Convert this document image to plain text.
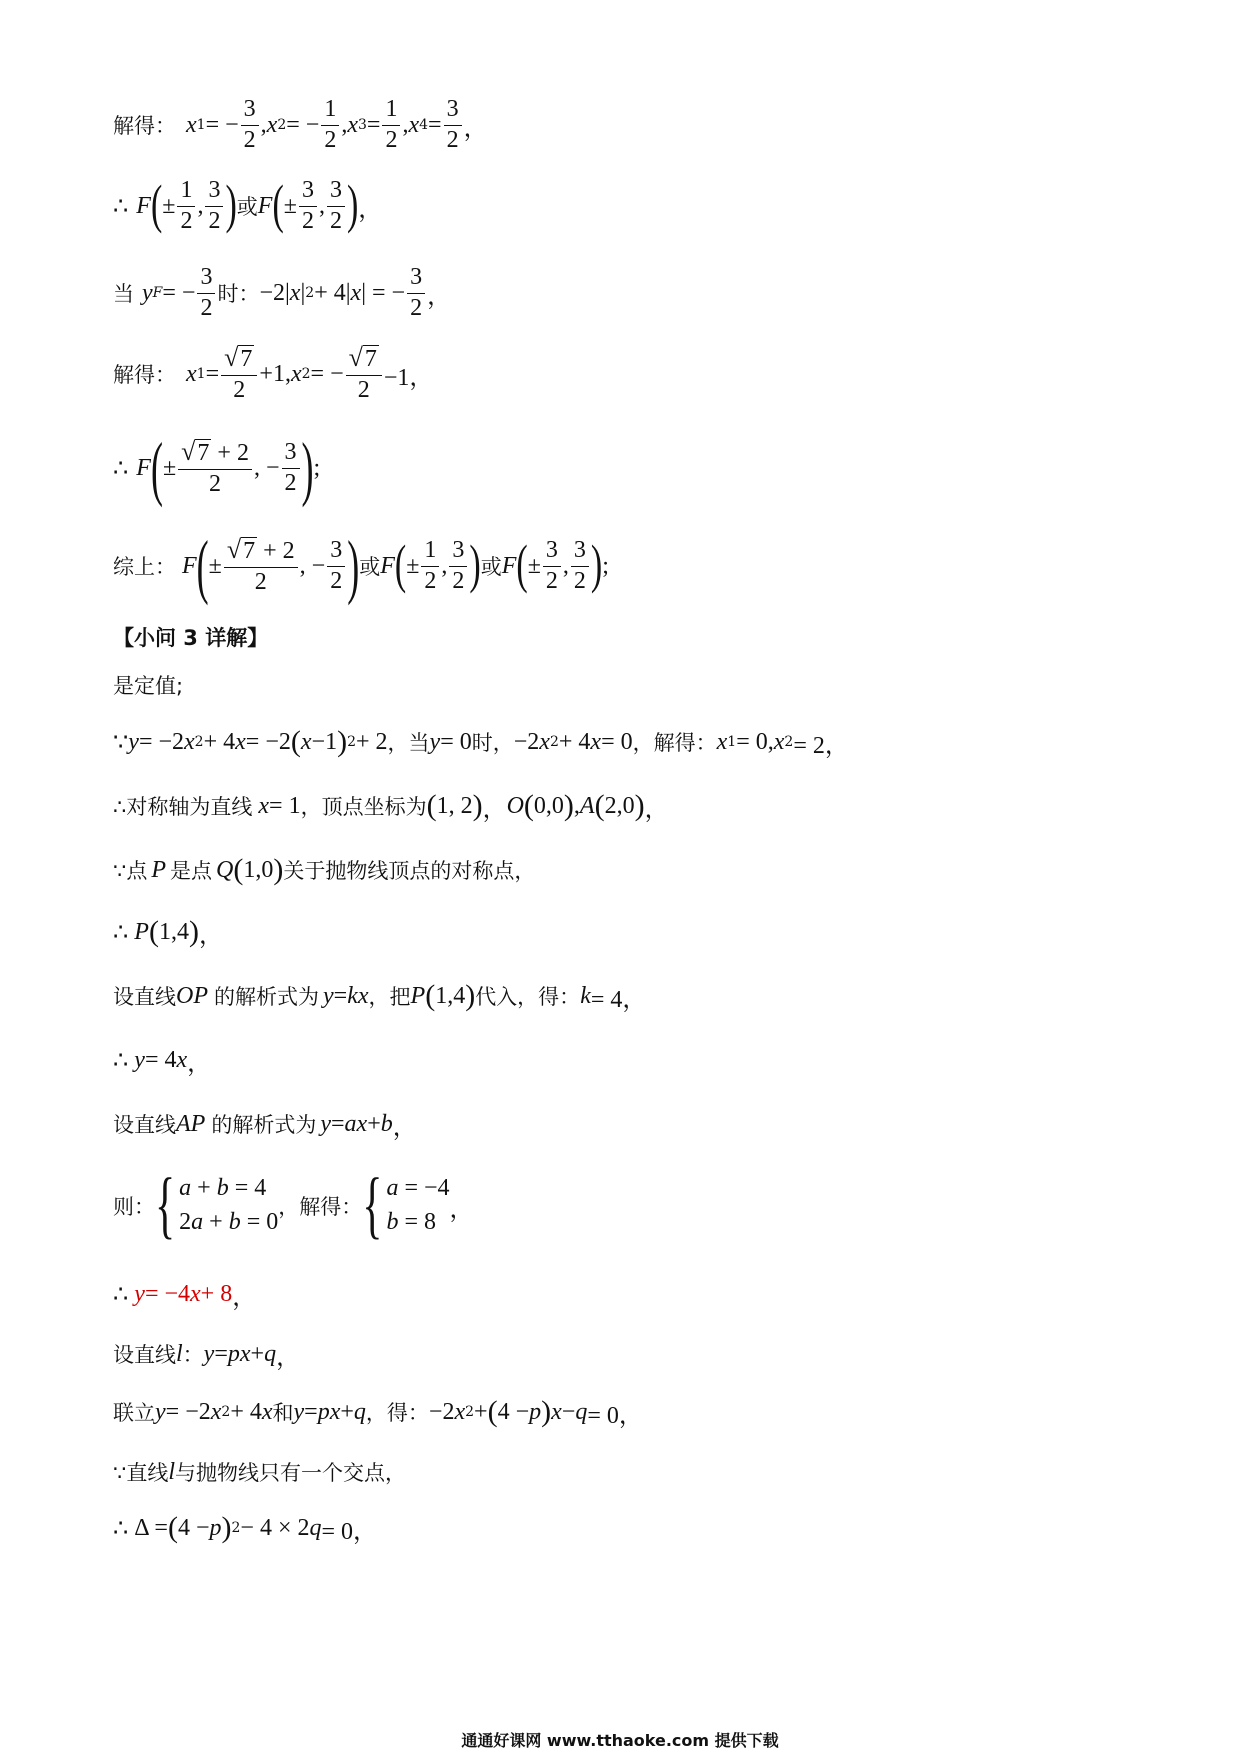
解得： x 1 = − $\frac{3}{2}$ , x 2 = − $\frac{1}{2}$ , x $3 = \frac{1}{2}$ , x $4 = \frac{3}{2}$ ，
∴ F ( ± $\frac{1}{2}$ , $\frac{3}{2}$ ) 或 F ( ± $\frac{3}{2}$ , $\frac{3}{2}$ ) ，
当 y F = − $\frac{3}{2}$ 时： −2| x | 2 + 4| x | = − $\frac{3}{2}$ ，
解得： x $1 = \frac{√ 7}{2} +1$, x 2 = − $\frac{√ 7}{2} -1$，
∴ F ( ± $\frac{√ 7 + 2}{2}$ , − $\frac{3}{2}$ ) ;
综上： F ( ± $\frac{√ 7 + 2}{2}$ , − $\frac{3}{2}$ ) 或 F ( ± $\frac{1}{2}$ , $\frac{3}{2}$ ) 或 F ( ± $\frac{3}{2}$ , $\frac{3}{2}$ ) ;
【小问 3 详解】
是定值;
∵ y = −2 x 2 + 4 x = −2 ( x −1 ) 2 + 2 ，当 y = 0 时， −2 x 2 + 4 x = 0 ，解得： x 1 = 0, x 2 = 2，
∴对称轴为直线 x = 1 ，顶点坐标为 ( 1, 2 ) ， O ( 0,0 ) , A ( 2,0 ) ，
∵点 P 是点 Q ( 1,0 ) 关于抛物线顶点的对称点，
∴ P ( 1,4 ) ，
设直线 OP 的解析式为 y = kx ，把 P ( 1,4 ) 代入，得： k = 4，
∴ y = 4 x ，
设直线 AP 的解析式为 y = ax + b ，
则： { a + b = 4
2a + b = 0
，解得： { a = −4
b = 8 ，
∴ y = −4 x + 8 ，
设直线 l ： y = px + q ，
联立 y = −2 x 2 + 4 x 和 y = px + q ，得： −2 x 2 + ( 4 − p ) x − q = 0，
∵直线 l 与抛物线只有一个交点，
∴ Δ = ( 4 − p ) 2 − 4 × 2 q = 0，
通通好课网 www.tthaoke.com 提供下载
